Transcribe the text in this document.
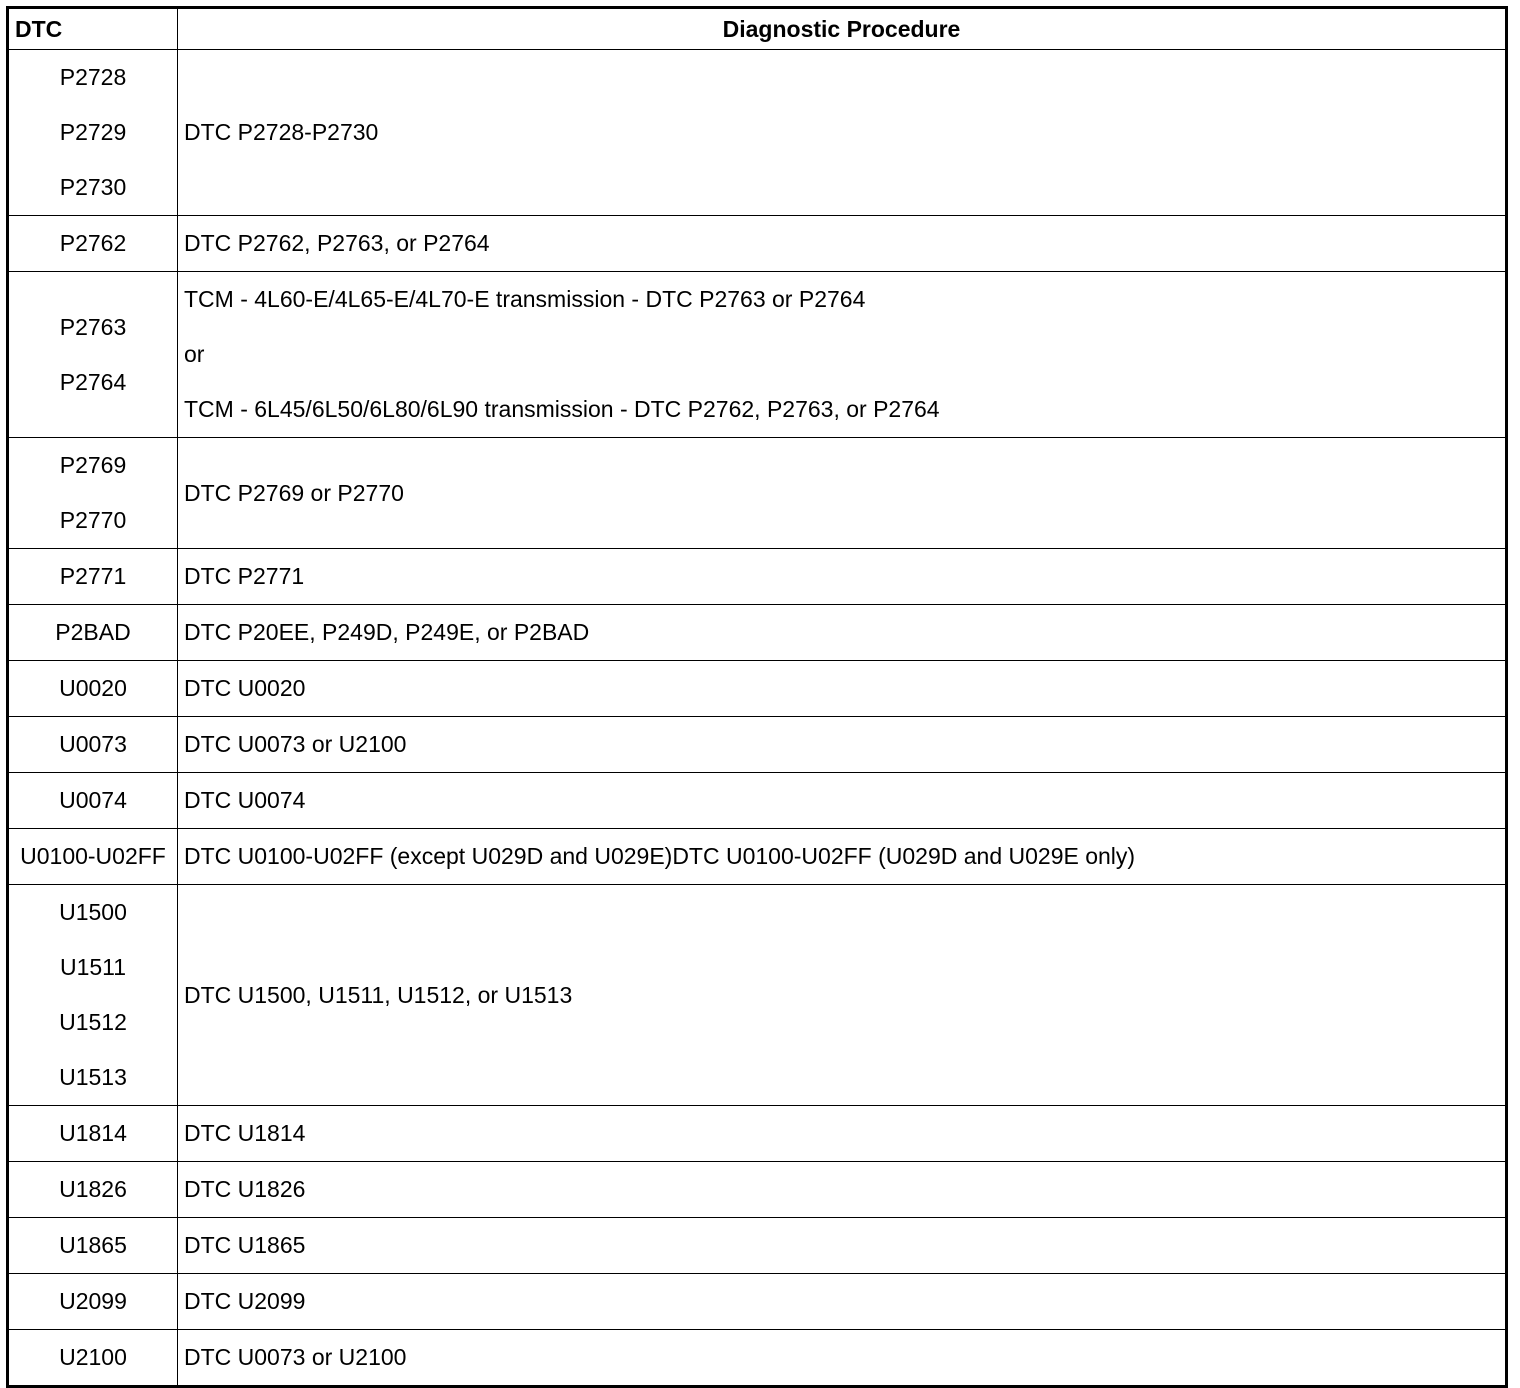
DTC	Diagnostic Procedure

P2728
P2729
P2730	DTC P2728-P2730

P2762	DTC P2762, P2763, or P2764

P2763
P2764	TCM - 4L60-E/4L65-E/4L70-E transmission - DTC P2763 or P2764
or
TCM - 6L45/6L50/6L80/6L90 transmission - DTC P2762, P2763, or P2764

P2769
P2770	DTC P2769 or P2770

P2771	DTC P2771

P2BAD	DTC P20EE, P249D, P249E, or P2BAD

U0020	DTC U0020

U0073	DTC U0073 or U2100

U0074	DTC U0074

U0100-U02FF	DTC U0100-U02FF (except U029D and U029E)DTC U0100-U02FF (U029D and U029E only)

U1500
U1511
U1512
U1513	DTC U1500, U1511, U1512, or U1513

U1814	DTC U1814

U1826	DTC U1826

U1865	DTC U1865

U2099	DTC U2099

U2100	DTC U0073 or U2100
